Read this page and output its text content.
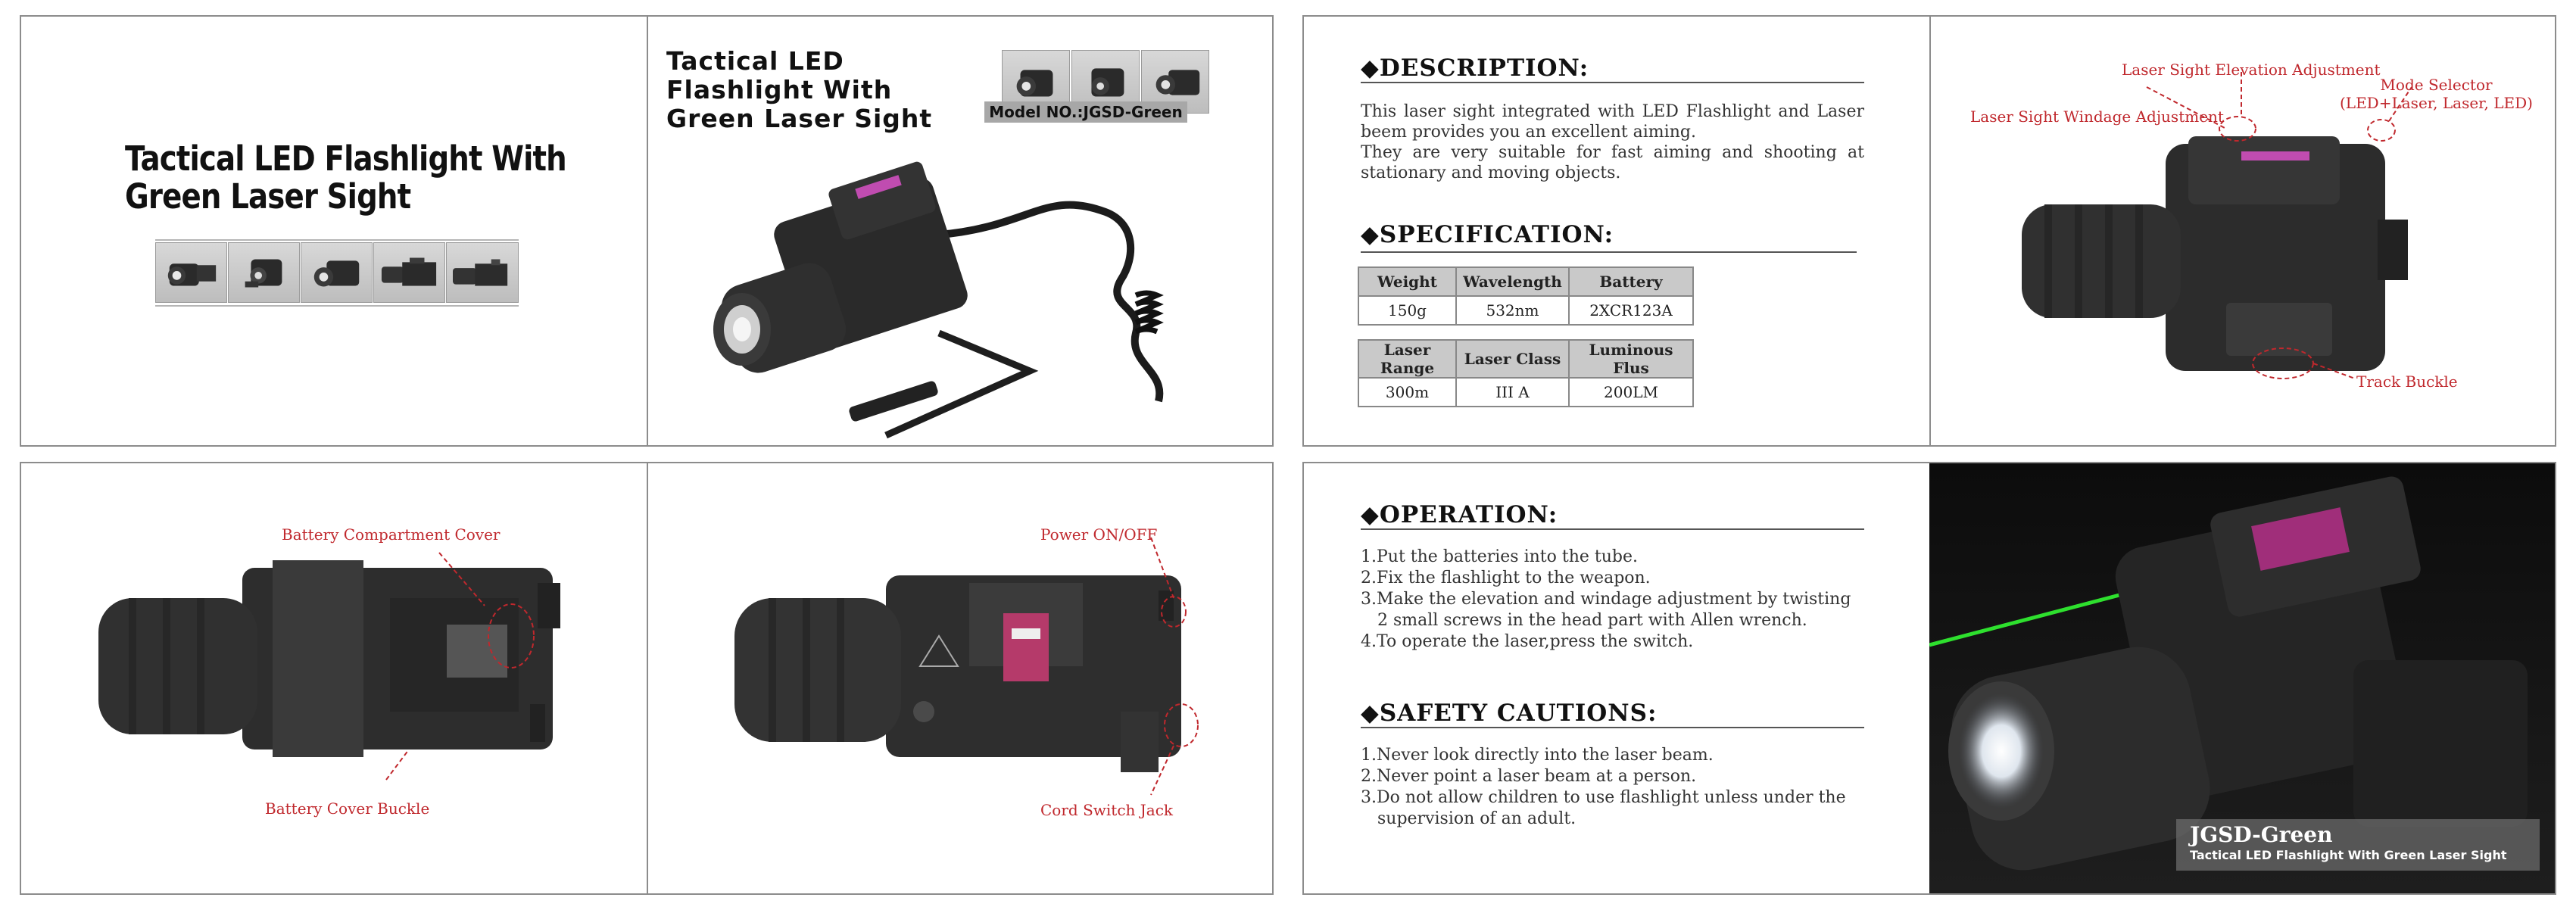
Tactical LED Flashlight With
Green Laser Sight
Tactical LED
Flashlight With
Green Laser Sight	Model NO.:JGSD-Green
◆DESCRIPTION:

This laser sight integrated with LED Flashlight and Laser beem provides you an excellent aiming.

They are very suitable for fast aiming and shooting at stationary and moving objects.

◆SPECIFICATION:
Weight	Wavelength	Battery
150g	532nm	2XCR123A
Laser Range	Laser Class	Luminous Flus
300m	III A	200LM
Laser Sight Elevation Adjustment
Laser Sight Windage Adjustment
Mode Selector
(LED+Laser, Laser, LED)
Track Buckle
Battery Compartment Cover
Battery Cover Buckle
Power ON/OFF
Cord Switch Jack
◆OPERATION:
1.Put the batteries into the tube.
2.Fix the flashlight to the weapon.
3.Make the elevation and windage adjustment by twisting 2 small screws in the head part with Allen wrench.
4.To operate the laser,press the switch.
◆SAFETY CAUTIONS:
1.Never look directly into the laser beam.
2.Never point a laser beam at a person.
3.Do not allow children to use flashlight unless under the supervision of an adult.
JGSD-Green
Tactical LED Flashlight With Green Laser Sight
